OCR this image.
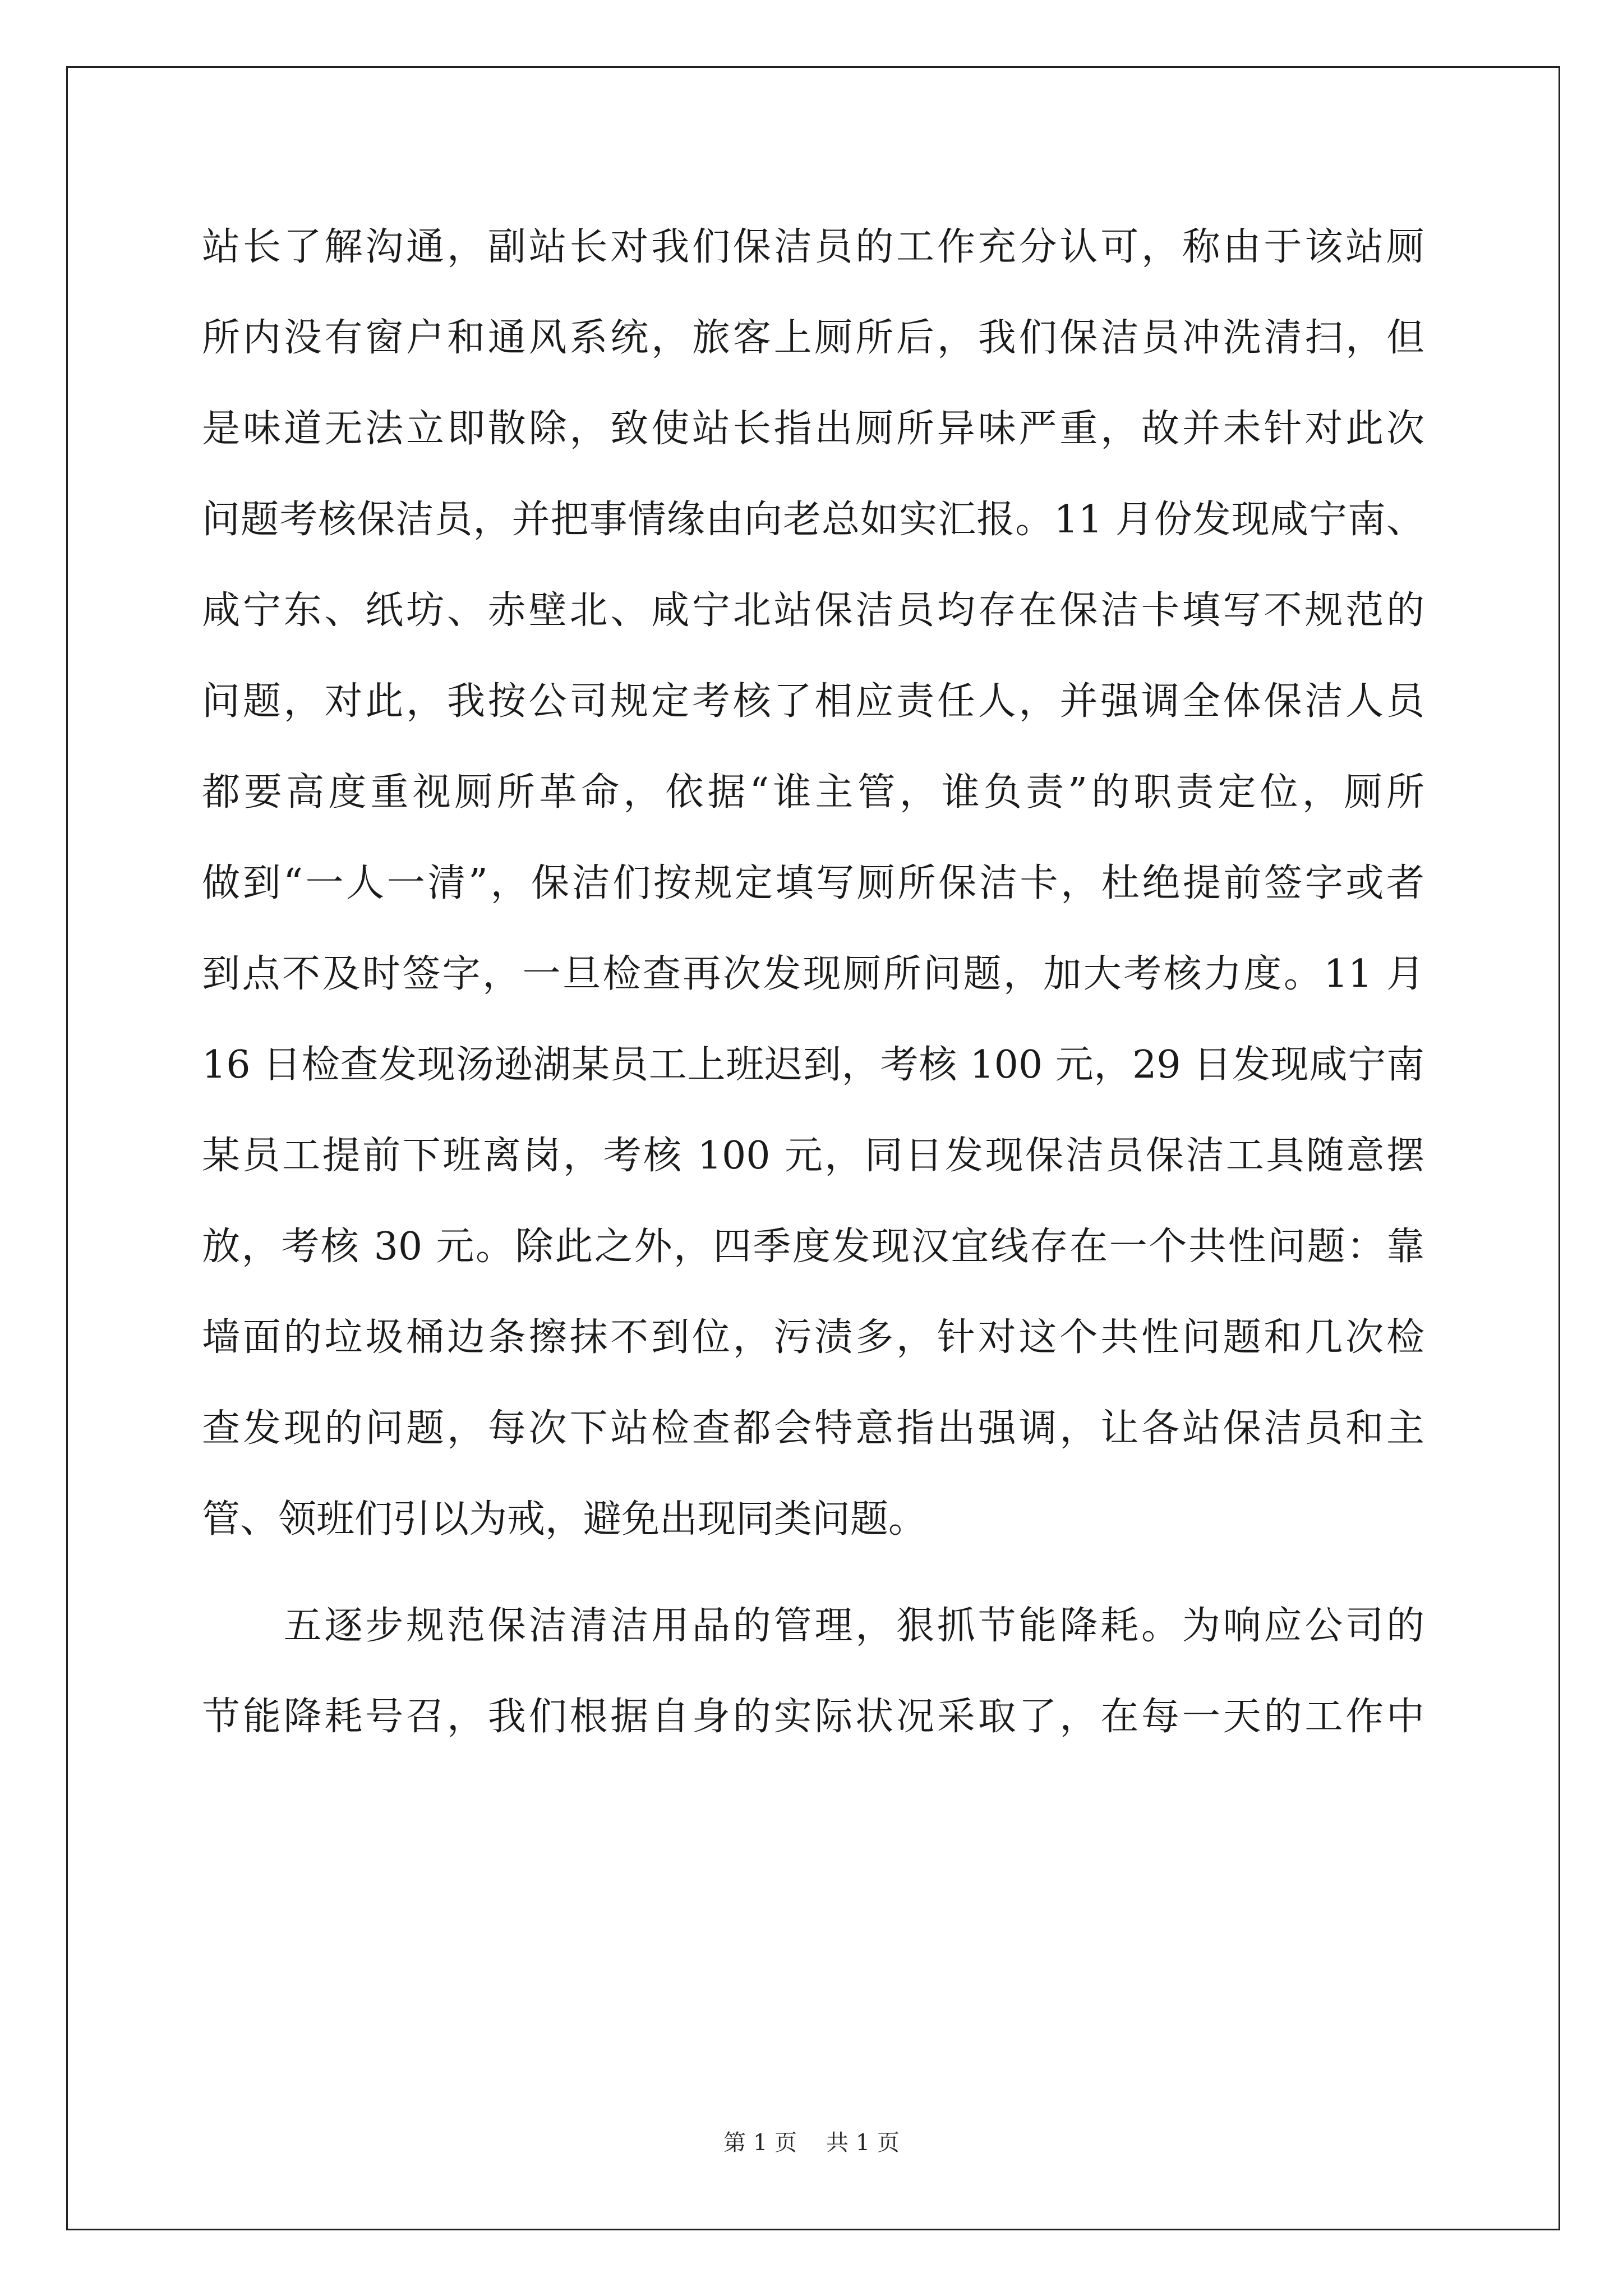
站长了解沟通，副站长对我们保洁员的工作充分认可，称由于该站厕
所内没有窗户和通风系统，旅客上厕所后，我们保洁员冲洗清扫，但
是味道无法立即散除，致使站长指出厕所异味严重，故并未针对此次
问题考核保洁员，并把事情缘由向老总如实汇报。11 月份发现咸宁南、
咸宁东、纸坊、赤壁北、咸宁北站保洁员均存在保洁卡填写不规范的
问题，对此，我按公司规定考核了相应责任人，并强调全体保洁人员
都要高度重视厕所革命，依据“谁主管，谁负责”的职责定位，厕所
做到“一人一清”，保洁们按规定填写厕所保洁卡，杜绝提前签字或者
到点不及时签字，一旦检查再次发现厕所问题，加大考核力度。11 月
16 日检查发现汤逊湖某员工上班迟到，考核 100 元，29 日发现咸宁南
某员工提前下班离岗，考核 100 元，同日发现保洁员保洁工具随意摆
放，考核 30 元。除此之外，四季度发现汉宜线存在一个共性问题：靠
墙面的垃圾桶边条擦抹不到位，污渍多，针对这个共性问题和几次检
查发现的问题，每次下站检查都会特意指出强调，让各站保洁员和主
管、领班们引以为戒，避免出现同类问题。
　　五逐步规范保洁清洁用品的管理，狠抓节能降耗。为响应公司的
节能降耗号召，我们根据自身的实际状况采取了，在每一天的工作中
第 1 页 共 1 页
